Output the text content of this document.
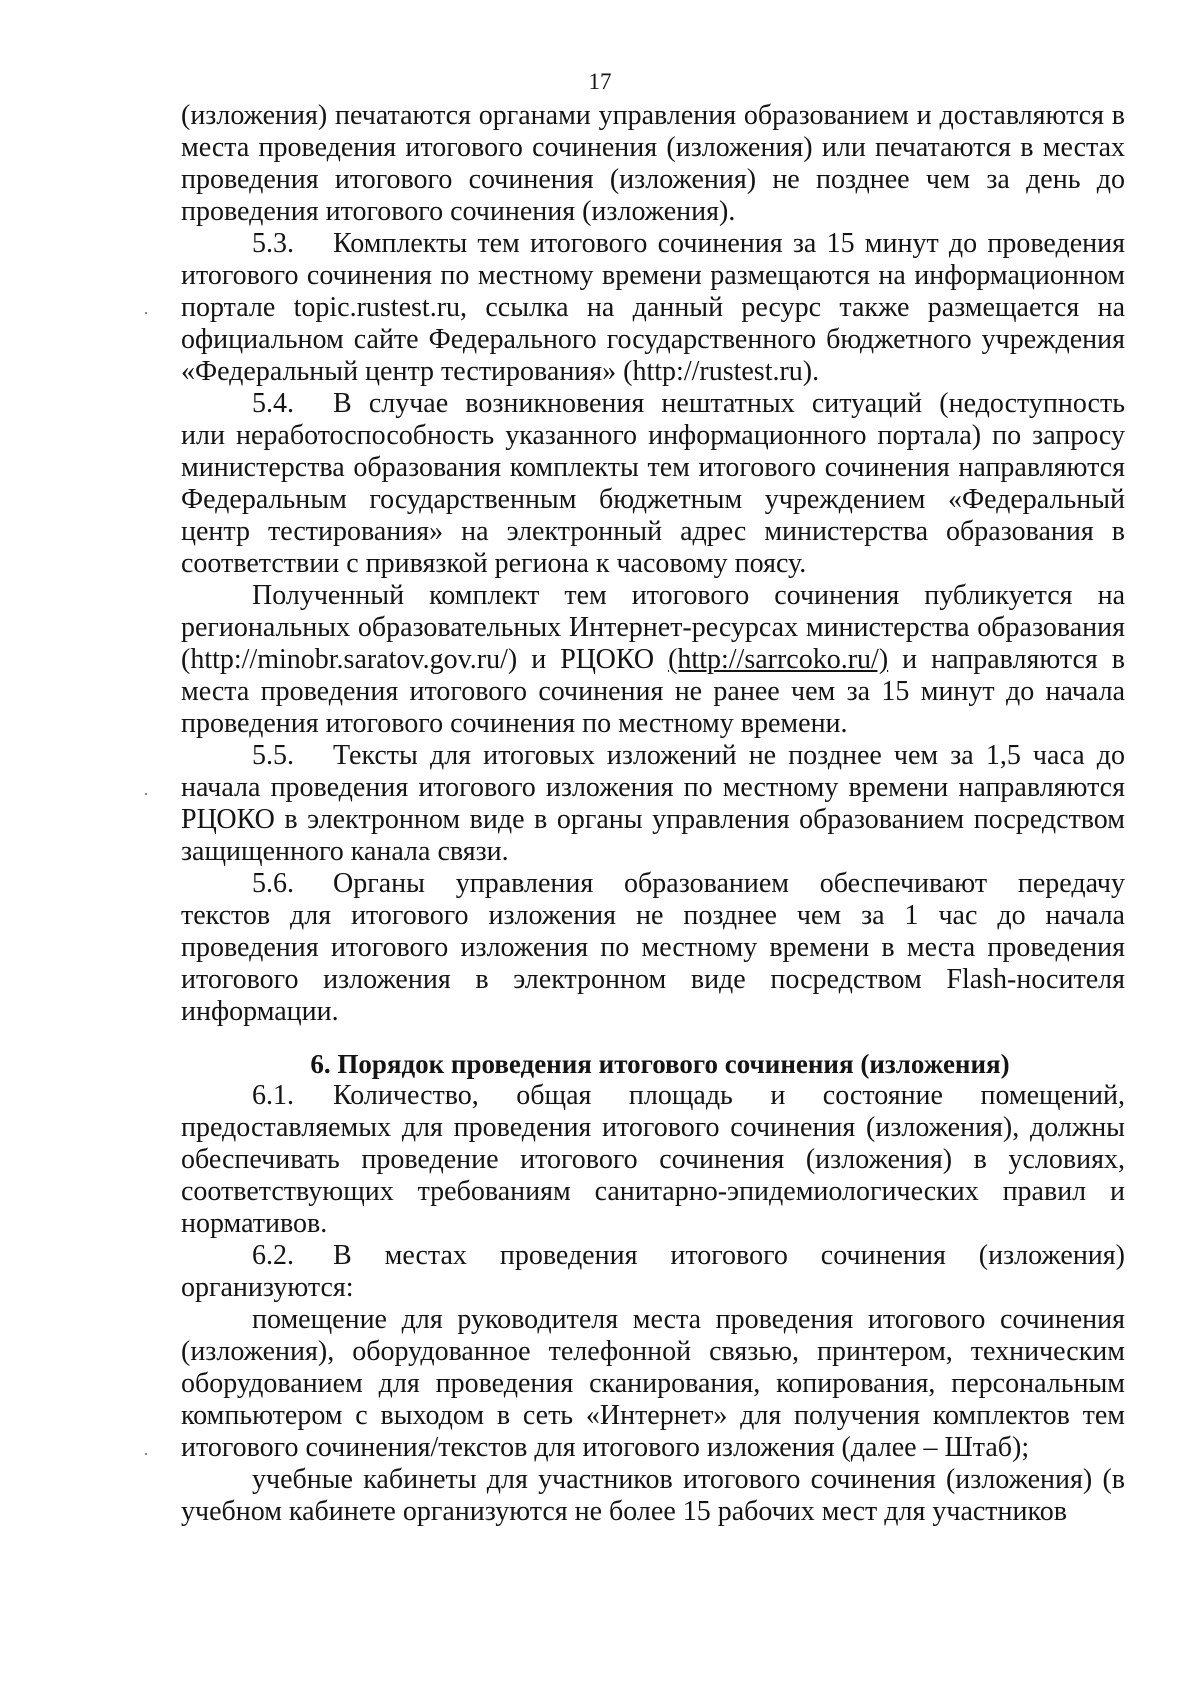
17

(изложения) печатаются органами управления образованием и доставляются в места проведения итогового сочинения (изложения) или печатаются в местах проведения итогового сочинения (изложения) не позднее чем за день до проведения итогового сочинения (изложения).

5.3. Комплекты тем итогового сочинения за 15 минут до проведения итогового сочинения по местному времени размещаются на информационном портале topic.rustest.ru, ссылка на данный ресурс также размещается на официальном сайте Федерального государственного бюджетного учреждения «Федеральный центр тестирования» (http://rustest.ru).

5.4. В случае возникновения нештатных ситуаций (недоступность или неработоспособность указанного информационного портала) по запросу министерства образования комплекты тем итогового сочинения направляются Федеральным государственным бюджетным учреждением «Федеральный центр тестирования» на электронный адрес министерства образования в соответствии с привязкой региона к часовому поясу.

Полученный комплект тем итогового сочинения публикуется на региональных образовательных Интернет-ресурсах министерства образования (http://minobr.saratov.gov.ru/) и РЦОКО (http://sarrcoko.ru/) и направляются в места проведения итогового сочинения не ранее чем за 15 минут до начала проведения итогового сочинения по местному времени.

5.5. Тексты для итоговых изложений не позднее чем за 1,5 часа до начала проведения итогового изложения по местному времени направляются РЦОКО в электронном виде в органы управления образованием посредством защищенного канала связи.

5.6. Органы управления образованием обеспечивают передачу текстов для итогового изложения не позднее чем за 1 час до начала проведения итогового изложения по местному времени в места проведения итогового изложения в электронном виде посредством Flash-носителя информации.

6. Порядок проведения итогового сочинения (изложения)

6.1. Количество, общая площадь и состояние помещений, предоставляемых для проведения итогового сочинения (изложения), должны обеспечивать проведение итогового сочинения (изложения) в условиях, соответствующих требованиям санитарно-эпидемиологических правил и нормативов.

6.2. В местах проведения итогового сочинения (изложения) организуются:

помещение для руководителя места проведения итогового сочинения (изложения), оборудованное телефонной связью, принтером, техническим оборудованием для проведения сканирования, копирования, персональным компьютером с выходом в сеть «Интернет» для получения комплектов тем итогового сочинения/текстов для итогового изложения (далее – Штаб);

учебные кабинеты для участников итогового сочинения (изложения) (в учебном кабинете организуются не более 15 рабочих мест для участников
